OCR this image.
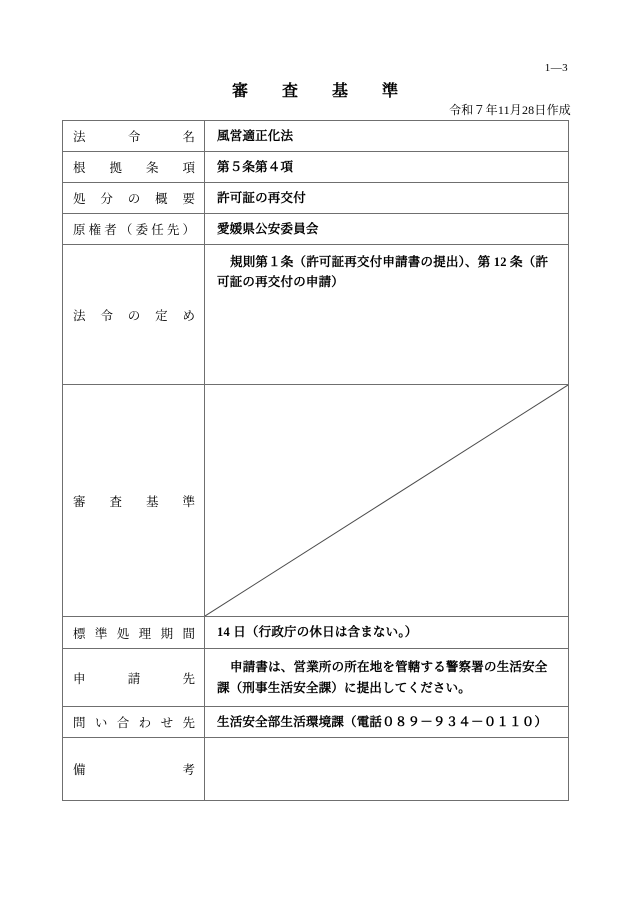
1—3
審　査　基　準
令和７年11月28日作成
法 令 名	風営適正化法

根 拠 条 項	第５条第４項

処 分 の 概 要	許可証の再交付

原 権 者 （ 委 任 先 ）	愛媛県公安委員会

法 令 の 定 め	規則第１条（許可証再交付申請書の提出）、第 12 条（許可証の再交付の申請）

審 査 基 準

標 準 処 理 期 間	14 日（行政庁の休日は含まない。）

申 請 先	申請書は、営業所の所在地を管轄する警察署の生活安全課（刑事生活安全課）に提出してください。

問 い 合 わ せ 先	生活安全部生活環境課（電話０８９－９３４－０１１０）

備 考	
